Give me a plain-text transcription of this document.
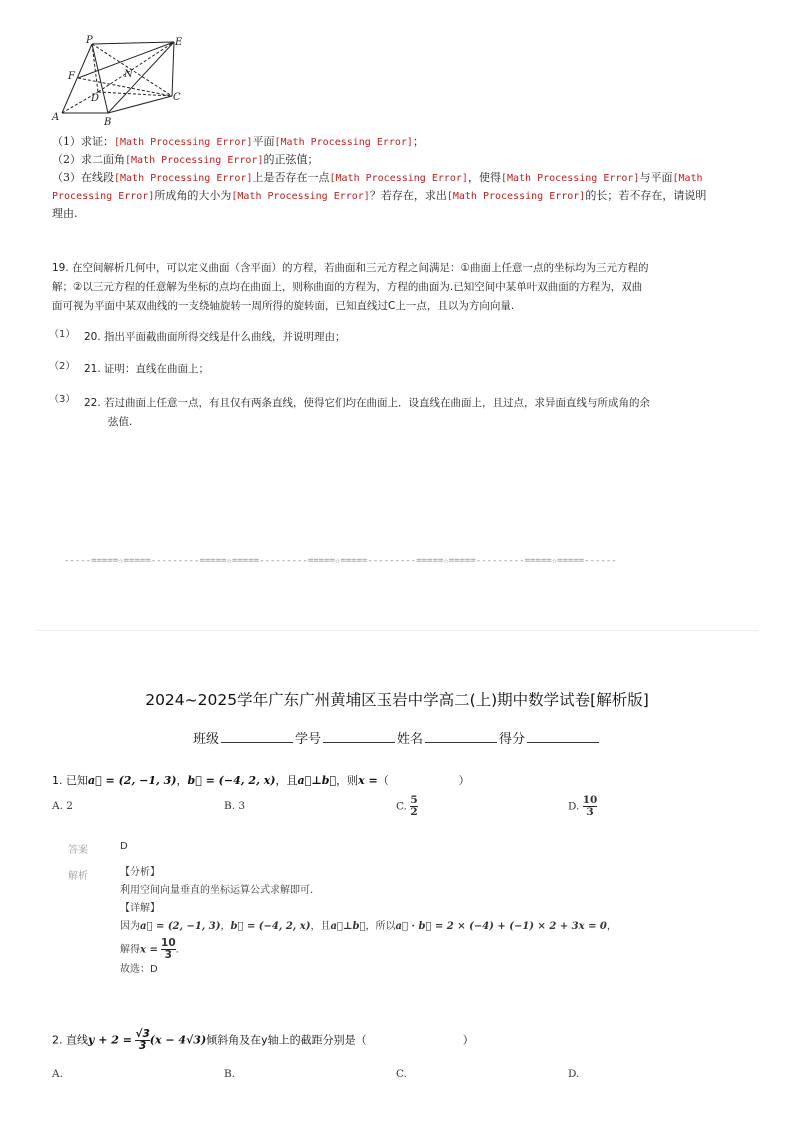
P	E
F	N
D	C
A	B
（1）求证：[Math Processing Error]平面[Math Processing Error]；
（2）求二面角[Math Processing Error]的正弦值；
（3）在线段[Math Processing Error]上是否存在一点[Math Processing Error]，使得[Math Processing Error]与平面[Math
Processing Error]所成角的大小为[Math Processing Error]？若存在，求出[Math Processing Error]的长；若不存在，请说明
理由.
19. 在空间解析几何中，可以定义曲面（含平面）的方程，若曲面和三元方程之间满足：①曲面上任意一点的坐标均为三元方程的
解；②以三元方程的任意解为坐标的点均在曲面上，则称曲面的方程为，方程的曲面为.已知空间中某单叶双曲面的方程为，双曲
面可视为平面中某双曲线的一支绕轴旋转一周所得的旋转面，已知直线过C上一点，且以为方向向量.
（1） 20. 指出平面截曲面所得交线是什么曲线，并说明理由；
（2） 21. 证明：直线在曲面上；
（3） 22. 若过曲面上任意一点，有且仅有两条直线，使得它们均在曲面上．设直线在曲面上，且过点，求异面直线与所成角的余
弦值.
-----=====☆=====---------=====☆=====---------=====☆=====---------=====☆=====---------=====☆=====------
2024~2025学年广东广州黄埔区玉岩中学高二(上)期中数学试卷[解析版]
班级	学号	姓名	得分
1. 已知a⃗ = (2, −1, 3)，b⃗ = (−4, 2, x)，且a⃗⊥b⃗，则x =（                    ）
A. 2	B. 3	C. $\frac{5}{2}$	D. $\frac{10}{3}$
答案	D
解析	【分析】
利用空间向量垂直的坐标运算公式求解即可.
【详解】
因为a⃗ = (2, −1, 3)，b⃗ = (−4, 2, x)，且a⃗⊥b⃗，所以a⃗ · b⃗ = 2 × (−4) + (−1) × 2 + 3x = 0，
解得$x = \frac{10}{3}$ .
故选：D
2. 直线$y + 2 = \frac{√3}{3} (x - 4√3)$倾斜角及在y轴上的截距分别是（	）
A.	B.	C.	D.
